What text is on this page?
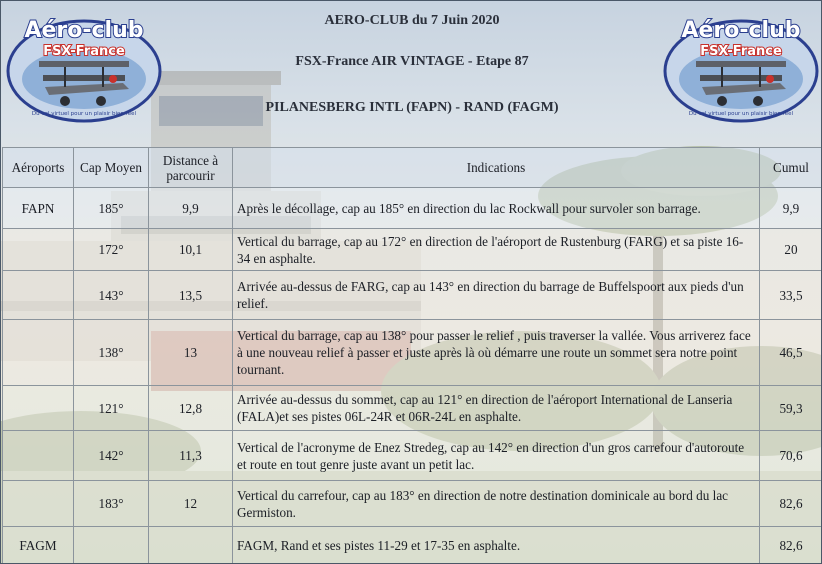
Aéro-club
FSX-France
Du vol virtuel pour un plaisir bien réel
AERO-CLUB du 7 Juin 2020
FSX-France AIR VINTAGE - Etape 87
PILANESBERG INTL (FAPN) - RAND (FAGM)
Aéro-club
FSX-France
Du vol virtuel pour un plaisir bien réel
Aéroports	Cap Moyen	Distance à parcourir	Indications	Cumul
FAPN	185°	9,9	Après le décollage, cap au 185° en direction du lac Rockwall pour survoler son barrage.	9,9
	172°	10,1	Vertical du barrage, cap au 172° en direction de l'aéroport de Rustenburg (FARG) et sa piste 16-34 en asphalte.	20
	143°	13,5	Arrivée au-dessus de FARG, cap au 143° en direction du barrage de Buffelspoort aux pieds d'un relief.	33,5
	138°	13	Vertical du barrage, cap au 138° pour passer le relief , puis traverser la vallée. Vous arriverez face à une nouveau relief à passer et juste après là où démarre une route un sommet sera notre point tournant.	46,5
	121°	12,8	Arrivée au-dessus du sommet, cap au 121° en direction de l'aéroport International de Lanseria (FALA)et ses pistes 06L-24R et 06R-24L en asphalte.	59,3
	142°	11,3	Vertical de l'acronyme de Enez Stredeg, cap au 142° en direction d'un gros carrefour d'autoroute et route en tout genre juste avant un petit lac.	70,6
	183°	12	Vertical du carrefour, cap au 183° en direction de notre destination dominicale au bord du lac Germiston.	82,6
FAGM			FAGM, Rand et ses pistes 11-29 et 17-35 en asphalte.	82,6
